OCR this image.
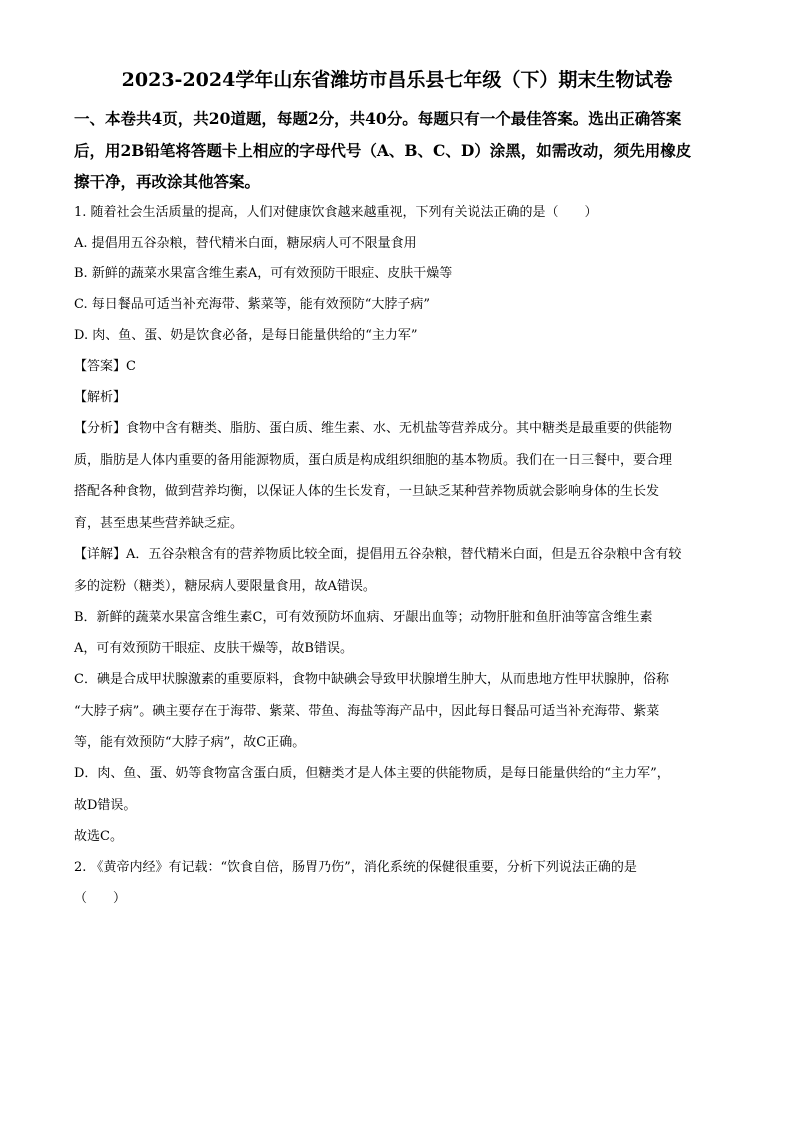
2023-2024学年山东省潍坊市昌乐县七年级（下）期末生物试卷
一、本卷共4页，共20道题，每题2分，共40分。每题只有一个最佳答案。选出正确答案
后，用2B铅笔将答题卡上相应的字母代号（A、B、C、D）涂黑，如需改动，须先用橡皮
擦干净，再改涂其他答案。
1. 随着社会生活质量的提高，人们对健康饮食越来越重视，下列有关说法正确的是（　　）
A. 提倡用五谷杂粮，替代精米白面，糖尿病人可不限量食用
B. 新鲜的蔬菜水果富含维生素A，可有效预防干眼症、皮肤干燥等
C. 每日餐品可适当补充海带、紫菜等，能有效预防“大脖子病”
D. 肉、鱼、蛋、奶是饮食必备，是每日能量供给的“主力军”
【答案】C
【解析】
【分析】食物中含有糖类、脂肪、蛋白质、维生素、水、无机盐等营养成分。其中糖类是最重要的供能物
质，脂肪是人体内重要的备用能源物质，蛋白质是构成组织细胞的基本物质。我们在一日三餐中，要合理
搭配各种食物，做到营养均衡，以保证人体的生长发育，一旦缺乏某种营养物质就会影响身体的生长发
育，甚至患某些营养缺乏症。
【详解】A．五谷杂粮含有的营养物质比较全面，提倡用五谷杂粮，替代精米白面，但是五谷杂粮中含有较
多的淀粉（糖类），糖尿病人要限量食用，故A错误。
B．新鲜的蔬菜水果富含维生素C，可有效预防坏血病、牙龈出血等；动物肝脏和鱼肝油等富含维生素
A，可有效预防干眼症、皮肤干燥等，故B错误。
C．碘是合成甲状腺激素的重要原料，食物中缺碘会导致甲状腺增生肿大，从而患地方性甲状腺肿，俗称
“大脖子病”。碘主要存在于海带、紫菜、带鱼、海盐等海产品中，因此每日餐品可适当补充海带、紫菜
等，能有效预防“大脖子病”，故C正确。
D．肉、鱼、蛋、奶等食物富含蛋白质，但糖类才是人体主要的供能物质，是每日能量供给的“主力军”，
故D错误。
故选C。
2. 《黄帝内经》有记载：“饮食自倍，肠胃乃伤”，消化系统的保健很重要，分析下列说法正确的是
（　　）
